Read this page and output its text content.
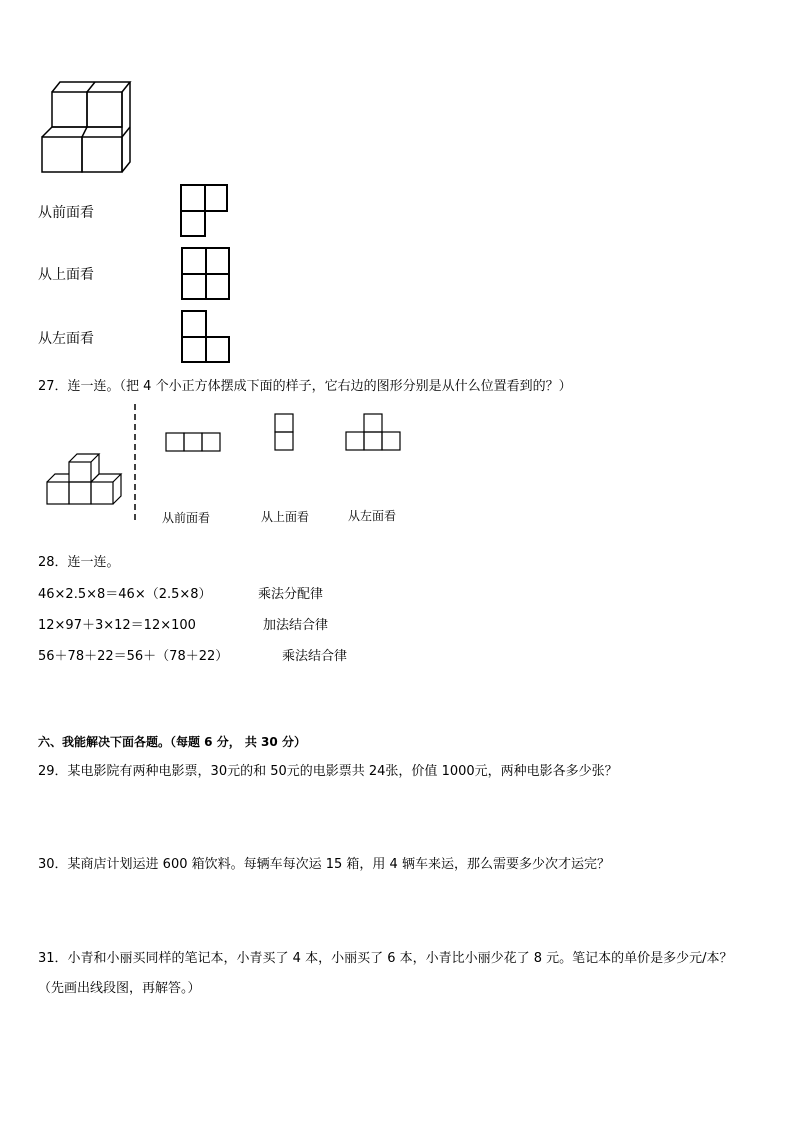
从前面看
从上面看
从左面看
27．连一连。（把 4 个小正方体摆成下面的样子，它右边的图形分别是从什么位置看到的？）
从前面看	从上面看	从左面看
28．连一连。
46×2.5×8＝46×（2.5×8）	乘法分配律
12×97＋3×12＝12×100	加法结合律
56＋78＋22＝56＋（78＋22）	乘法结合律
六、我能解决下面各题。（每题 6 分， 共 30 分）
29．某电影院有两种电影票，30元的和 50元的电影票共 24张，价值 1000元，两种电影各多少张？
30．某商店计划运进 600 箱饮料。每辆车每次运 15 箱，用 4 辆车来运，那么需要多少次才运完？
31．小青和小丽买同样的笔记本，小青买了 4 本，小丽买了 6 本，小青比小丽少花了 8 元。笔记本的单价是多少元/本？
（先画出线段图，再解答。）
